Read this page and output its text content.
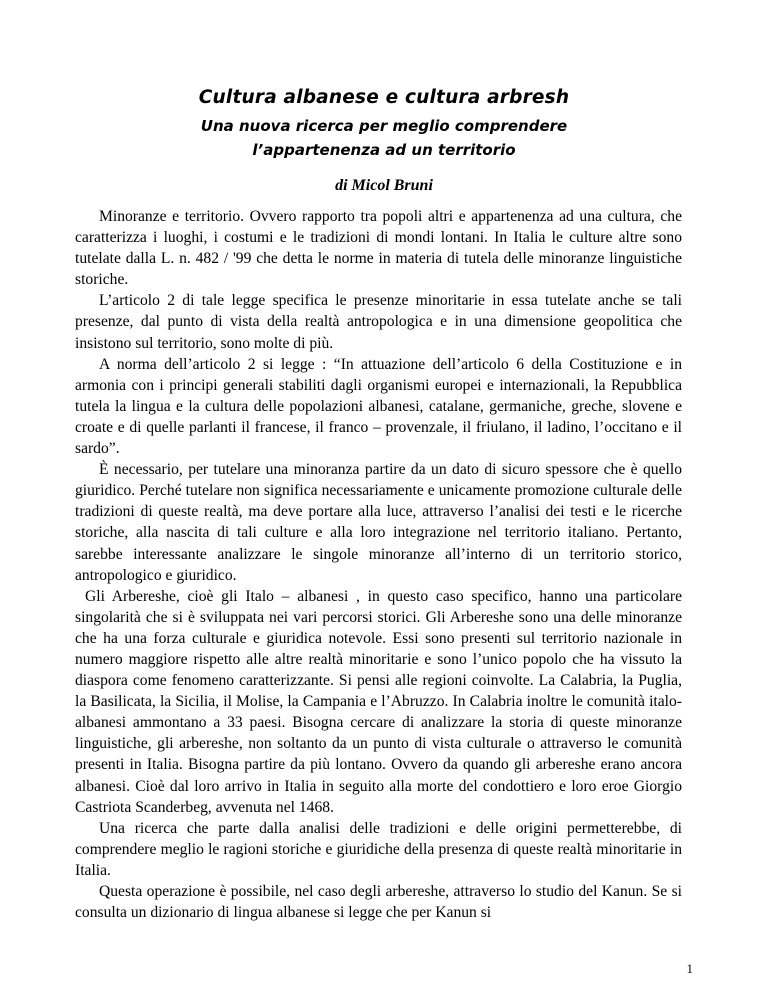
Cultura albanese e cultura arbresh
Una nuova ricerca per meglio comprendere
l’appartenenza ad un territorio
di Micol Bruni

Minoranze e territorio. Ovvero rapporto tra popoli altri e appartenenza ad una cultura, che caratterizza i luoghi, i costumi e le tradizioni di mondi lontani. In Italia le culture altre sono tutelate dalla L. n. 482 / '99 che detta le norme in materia di tutela delle minoranze linguistiche storiche.

L’articolo 2 di tale legge specifica le presenze minoritarie in essa tutelate anche se tali presenze, dal punto di vista della realtà antropologica e in una dimensione geopolitica che insistono sul territorio, sono molte di più.

A norma dell’articolo 2 si legge : “In attuazione dell’articolo 6 della Costituzione e in armonia con i principi generali stabiliti dagli organismi europei e internazionali, la Repubblica tutela la lingua e la cultura delle popolazioni albanesi, catalane, germaniche, greche, slovene e croate e di quelle parlanti il francese, il franco – provenzale, il friulano, il ladino, l’occitano e il sardo”.

È necessario, per tutelare una minoranza partire da un dato di sicuro spessore che è quello giuridico. Perché tutelare non significa necessariamente e unicamente promozione culturale delle tradizioni di queste realtà, ma deve portare alla luce, attraverso l’analisi dei testi e le ricerche storiche, alla nascita di tali culture e alla loro integrazione nel territorio italiano. Pertanto, sarebbe interessante analizzare le singole minoranze all’interno di un territorio storico, antropologico e giuridico.

Gli Arbereshe, cioè gli Italo – albanesi , in questo caso specifico, hanno una particolare singolarità che si è sviluppata nei vari percorsi storici. Gli Arbereshe sono una delle minoranze che ha una forza culturale e giuridica notevole. Essi sono presenti sul territorio nazionale in numero maggiore rispetto alle altre realtà minoritarie e sono l’unico popolo che ha vissuto la diaspora come fenomeno caratterizzante. Si pensi alle regioni coinvolte. La Calabria, la Puglia, la Basilicata, la Sicilia, il Molise, la Campania e l’Abruzzo. In Calabria inoltre le comunità italo-albanesi ammontano a 33 paesi. Bisogna cercare di analizzare la storia di queste minoranze linguistiche, gli arbereshe, non soltanto da un punto di vista culturale o attraverso le comunità presenti in Italia. Bisogna partire da più lontano. Ovvero da quando gli arbereshe erano ancora albanesi. Cioè dal loro arrivo in Italia in seguito alla morte del condottiero e loro eroe Giorgio Castriota Scanderbeg, avvenuta nel 1468.

Una ricerca che parte dalla analisi delle tradizioni e delle origini permetterebbe, di comprendere meglio le ragioni storiche e giuridiche della presenza di queste realtà minoritarie in Italia.

Questa operazione è possibile, nel caso degli arbereshe, attraverso lo studio del Kanun. Se si consulta un dizionario di lingua albanese si legge che per Kanun si

1
